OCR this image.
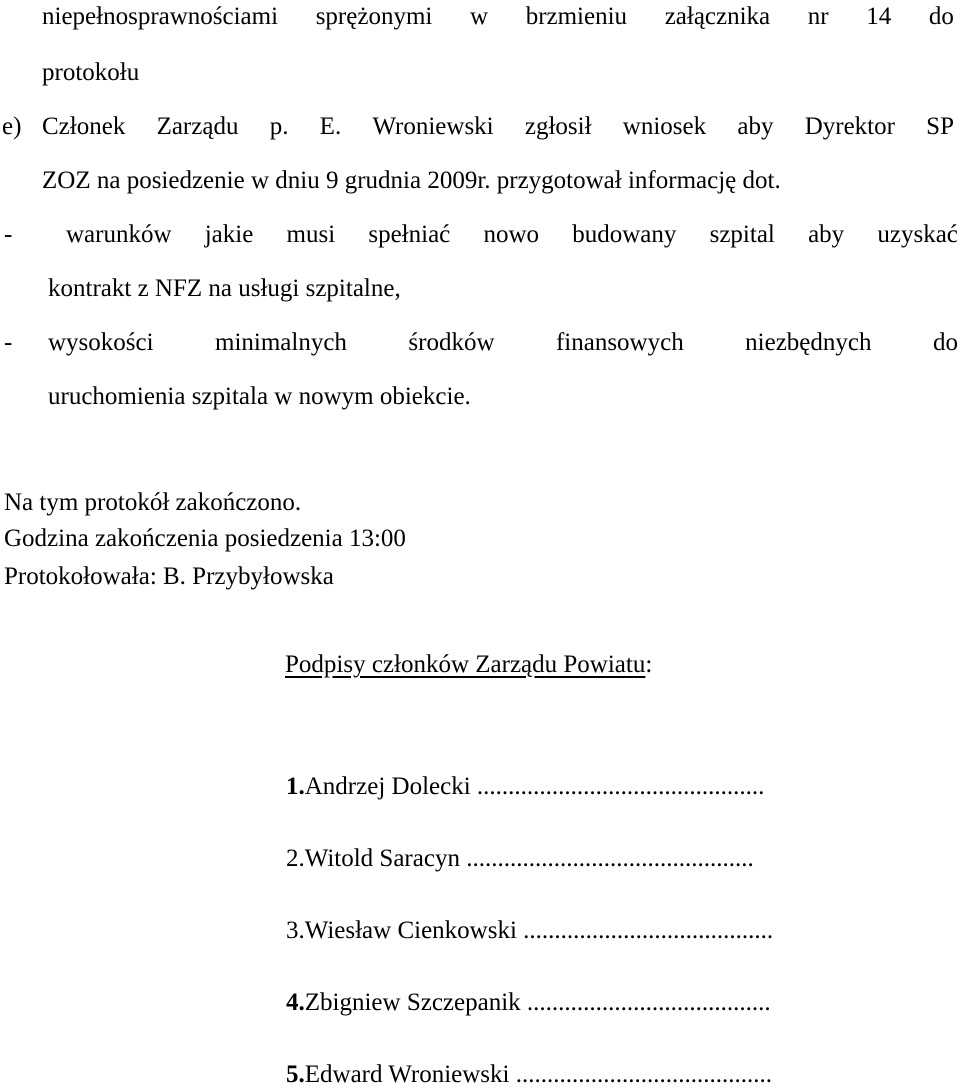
niepełnosprawnościami sprężonymi w brzmieniu załącznika nr 14 do
protokołu
e) Członek Zarządu p. E. Wroniewski zgłosił wniosek aby Dyrektor SP
ZOZ na posiedzenie w dniu 9 grudnia 2009r. przygotował informację dot.
- warunków jakie musi spełniać nowo budowany szpital aby uzyskać
kontrakt z NFZ na usługi szpitalne,
- wysokości minimalnych środków finansowych niezbędnych do
uruchomienia szpitala w nowym obiekcie.
Na tym protokół zakończono.
Godzina zakończenia posiedzenia 13:00
Protokołowała: B. Przybyłowska
Podpisy członków Zarządu Powiatu:
1.Andrzej Dolecki ..............................................
2.Witold Saracyn ..............................................
3.Wiesław Cienkowski ........................................
4.Zbigniew Szczepanik .......................................
5.Edward Wroniewski .........................................
